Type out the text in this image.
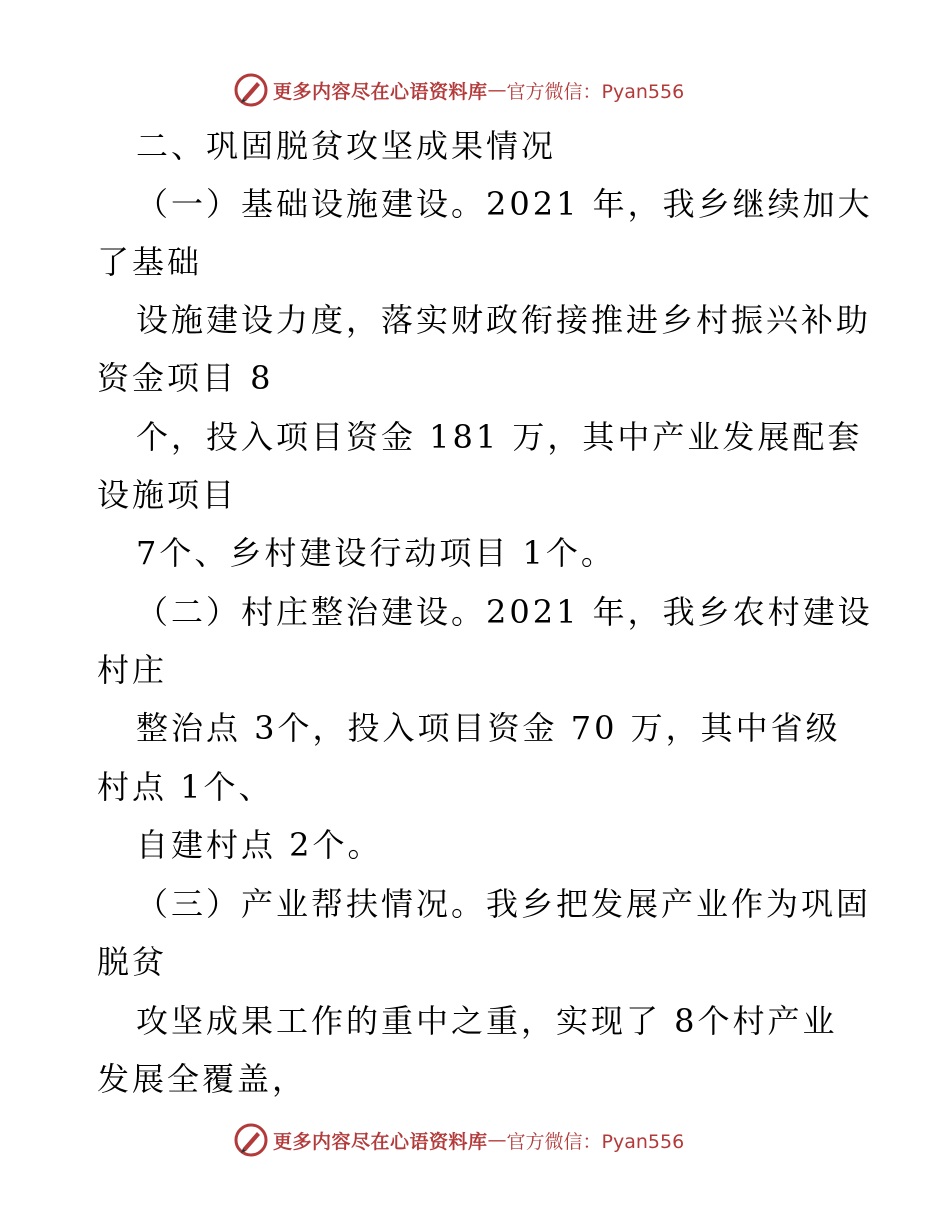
更多内容尽在心语资料库 — 官方微信：Pyan556
二、巩固脱贫攻坚成果情况
（一）基础设施建设。2021 年，我乡继续加大
了基础
设施建设力度，落实财政衔接推进乡村振兴补助
资金项目 8
个，投入项目资金 181 万，其中产业发展配套
设施项目
7个、乡村建设行动项目 1个。
（二）村庄整治建设。2021 年，我乡农村建设
村庄
整治点 3个，投入项目资金 70 万，其中省级
村点 1个、
自建村点 2个。
（三）产业帮扶情况。我乡把发展产业作为巩固
脱贫
攻坚成果工作的重中之重，实现了 8个村产业
发展全覆盖，
更多内容尽在心语资料库 — 官方微信：Pyan556
